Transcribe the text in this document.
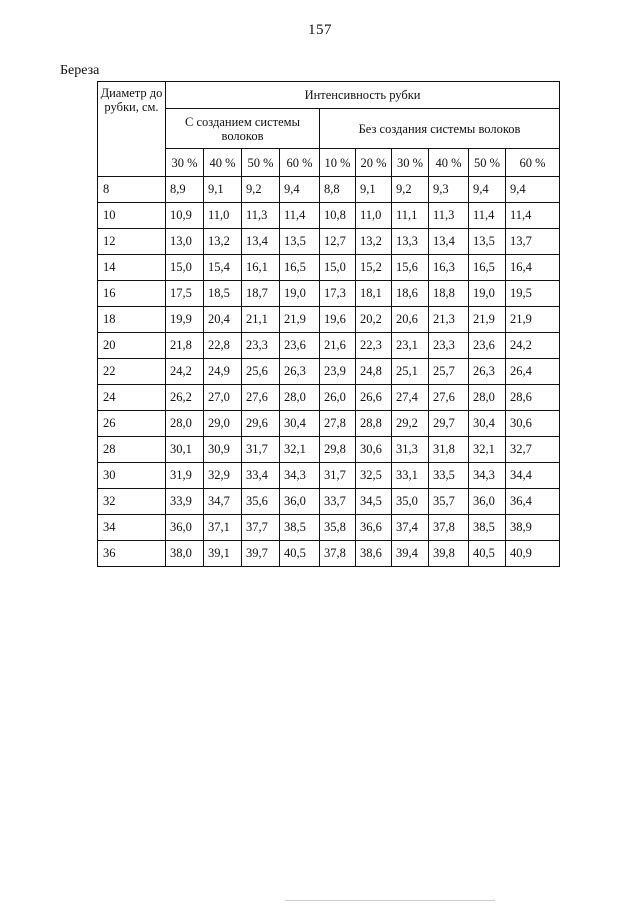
157
Береза
Диаметр до рубки, см.	Интенсивность рубки									
	С созданием системы волоков				Без создания системы волоков					
	30 %	40 %	50 %	60 %	10 %	20 %	30 %	40 %	50 %	60 %
8	8,9	9,1	9,2	9,4	8,8	9,1	9,2	9,3	9,4	9,4
10	10,9	11,0	11,3	11,4	10,8	11,0	11,1	11,3	11,4	11,4
12	13,0	13,2	13,4	13,5	12,7	13,2	13,3	13,4	13,5	13,7
14	15,0	15,4	16,1	16,5	15,0	15,2	15,6	16,3	16,5	16,4
16	17,5	18,5	18,7	19,0	17,3	18,1	18,6	18,8	19,0	19,5
18	19,9	20,4	21,1	21,9	19,6	20,2	20,6	21,3	21,9	21,9
20	21,8	22,8	23,3	23,6	21,6	22,3	23,1	23,3	23,6	24,2
22	24,2	24,9	25,6	26,3	23,9	24,8	25,1	25,7	26,3	26,4
24	26,2	27,0	27,6	28,0	26,0	26,6	27,4	27,6	28,0	28,6
26	28,0	29,0	29,6	30,4	27,8	28,8	29,2	29,7	30,4	30,6
28	30,1	30,9	31,7	32,1	29,8	30,6	31,3	31,8	32,1	32,7
30	31,9	32,9	33,4	34,3	31,7	32,5	33,1	33,5	34,3	34,4
32	33,9	34,7	35,6	36,0	33,7	34,5	35,0	35,7	36,0	36,4
34	36,0	37,1	37,7	38,5	35,8	36,6	37,4	37,8	38,5	38,9
36	38,0	39,1	39,7	40,5	37,8	38,6	39,4	39,8	40,5	40,9
